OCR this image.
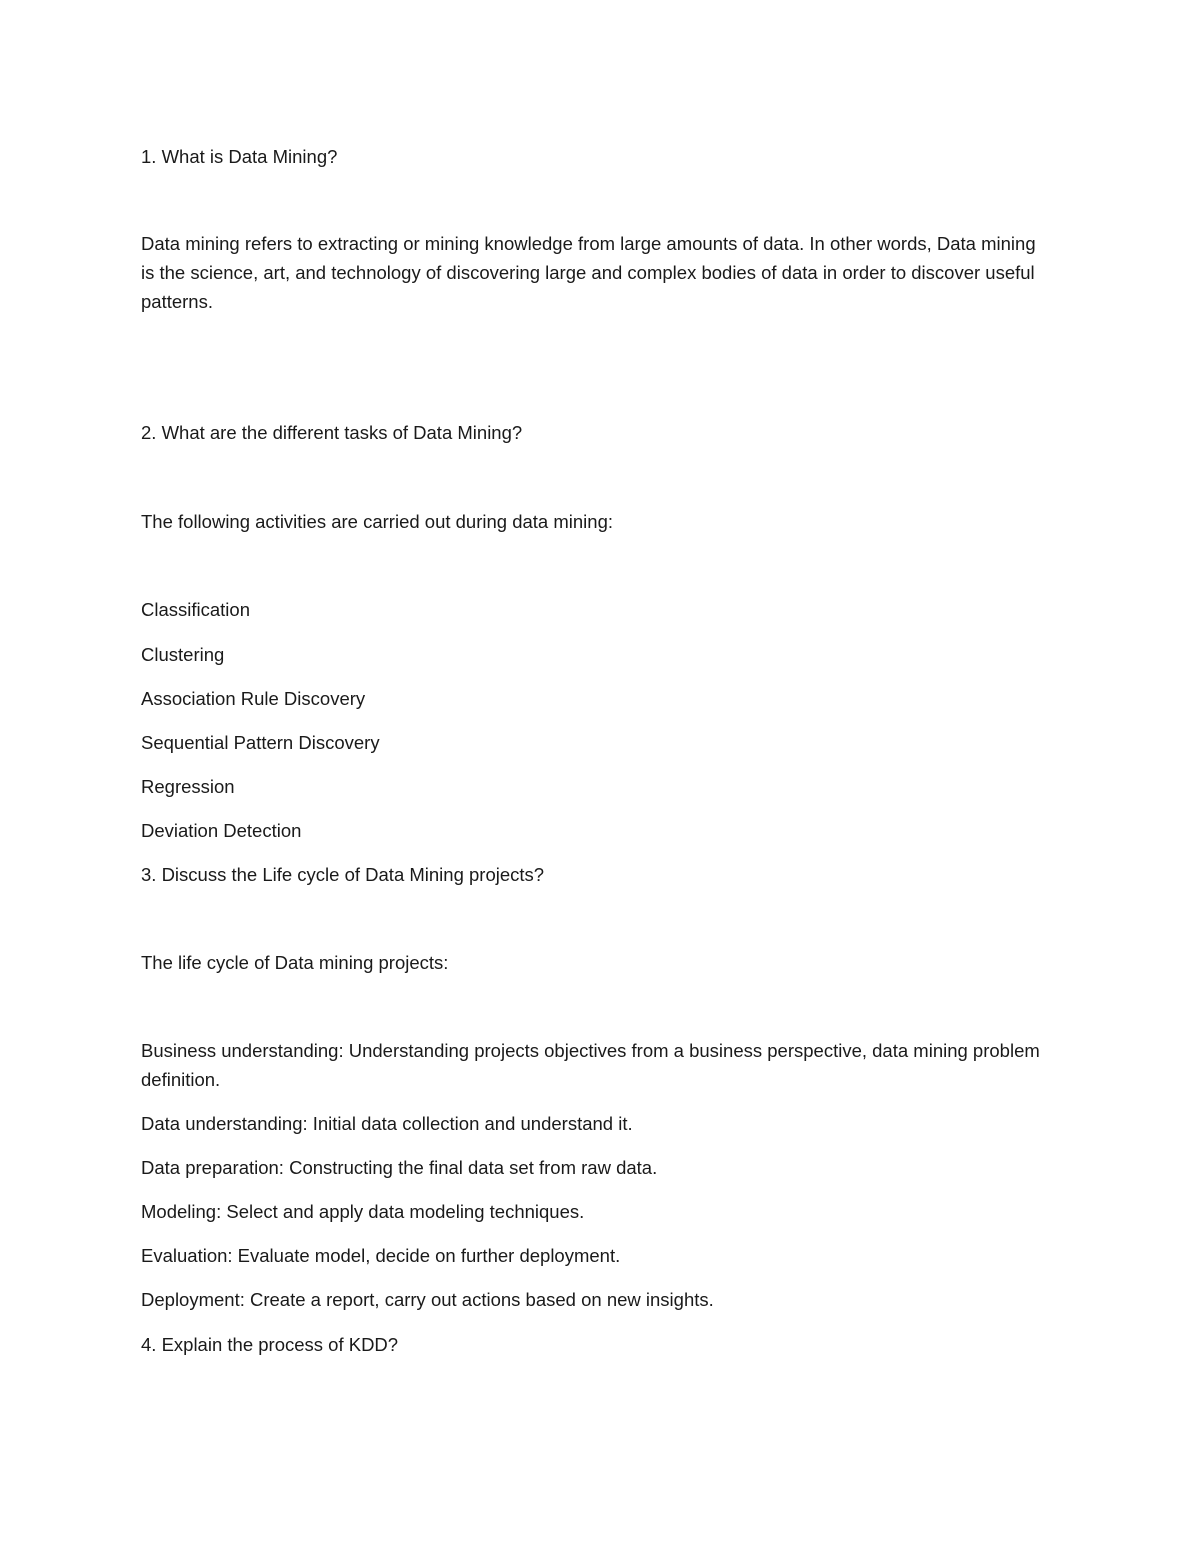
1. What is Data Mining?

Data mining refers to extracting or mining knowledge from large amounts of data. In other words, Data mining is the science, art, and technology of discovering large and complex bodies of data in order to discover useful patterns.

2. What are the different tasks of Data Mining?

The following activities are carried out during data mining:

Classification

Clustering

Association Rule Discovery

Sequential Pattern Discovery

Regression

Deviation Detection

3. Discuss the Life cycle of Data Mining projects?

The life cycle of Data mining projects:

Business understanding: Understanding projects objectives from a business perspective, data mining problem definition.

Data understanding: Initial data collection and understand it.

Data preparation: Constructing the final data set from raw data.

Modeling: Select and apply data modeling techniques.

Evaluation: Evaluate model, decide on further deployment.

Deployment: Create a report, carry out actions based on new insights.

4. Explain the process of KDD?
